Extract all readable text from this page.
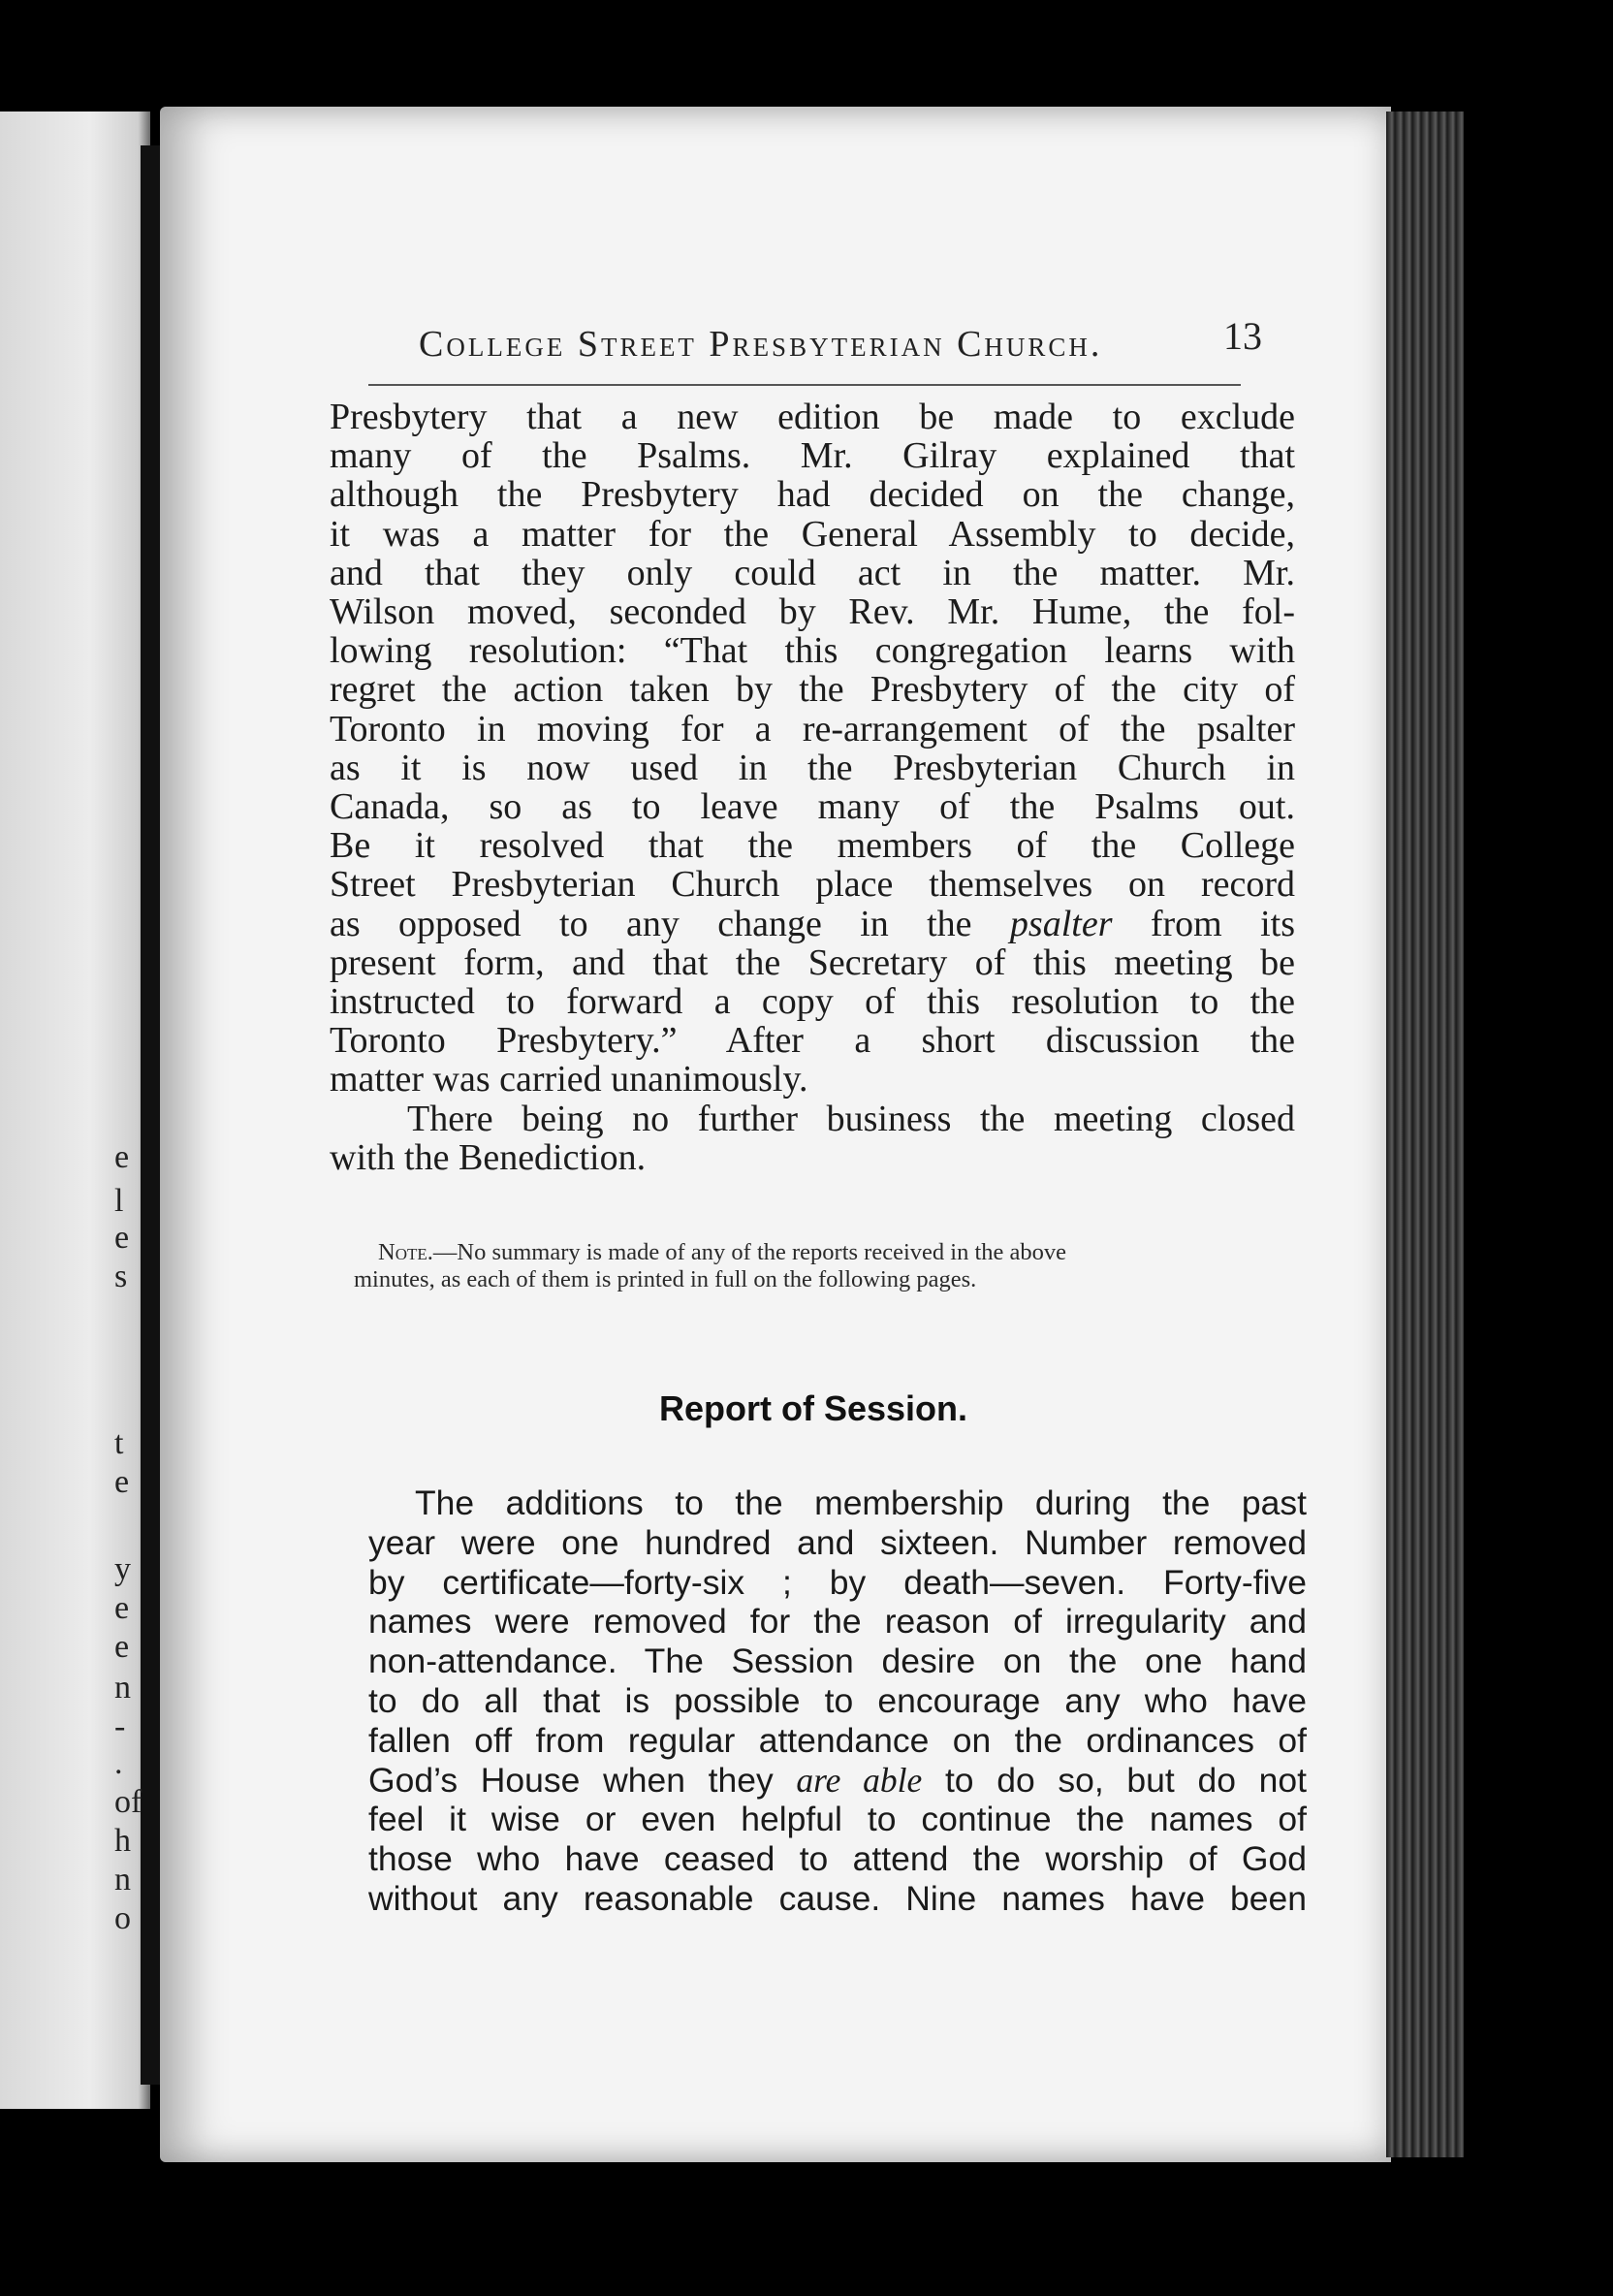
e
l
e
s
t
e
y
e
e
n
-
.
of
h
n
o
College Street Presbyterian Church.	13
Presbytery that a new edition be made to exclude
many of the Psalms. Mr. Gilray explained that
although the Presbytery had decided on the change,
it was a matter for the General Assembly to decide,
and that they only could act in the matter. Mr.
Wilson moved, seconded by Rev. Mr. Hume, the fol-
lowing resolution: “That this congregation learns with
regret the action taken by the Presbytery of the city of
Toronto in moving for a re-arrangement of the psalter
as it is now used in the Presbyterian Church in
Canada, so as to leave many of the Psalms out.
Be it resolved that the members of the College
Street Presbyterian Church place themselves on record
as opposed to any change in the psalter from its
present form, and that the Secretary of this meeting be
instructed to forward a copy of this resolution to the
Toronto Presbytery.” After a short discussion the
matter was carried unanimously.
There being no further business the meeting closed
with the Benediction.
Note.—No summary is made of any of the reports received in the above
minutes, as each of them is printed in full on the following pages.
Report of Session.
The additions to the membership during the past
year were one hundred and sixteen. Number removed
by certificate—forty-six ; by death—seven. Forty-five
names were removed for the reason of irregularity and
non-attendance. The Session desire on the one hand
to do all that is possible to encourage any who have
fallen off from regular attendance on the ordinances of
God’s House when they are able to do so, but do not
feel it wise or even helpful to continue the names of
those who have ceased to attend the worship of God
without any reasonable cause. Nine names have been
